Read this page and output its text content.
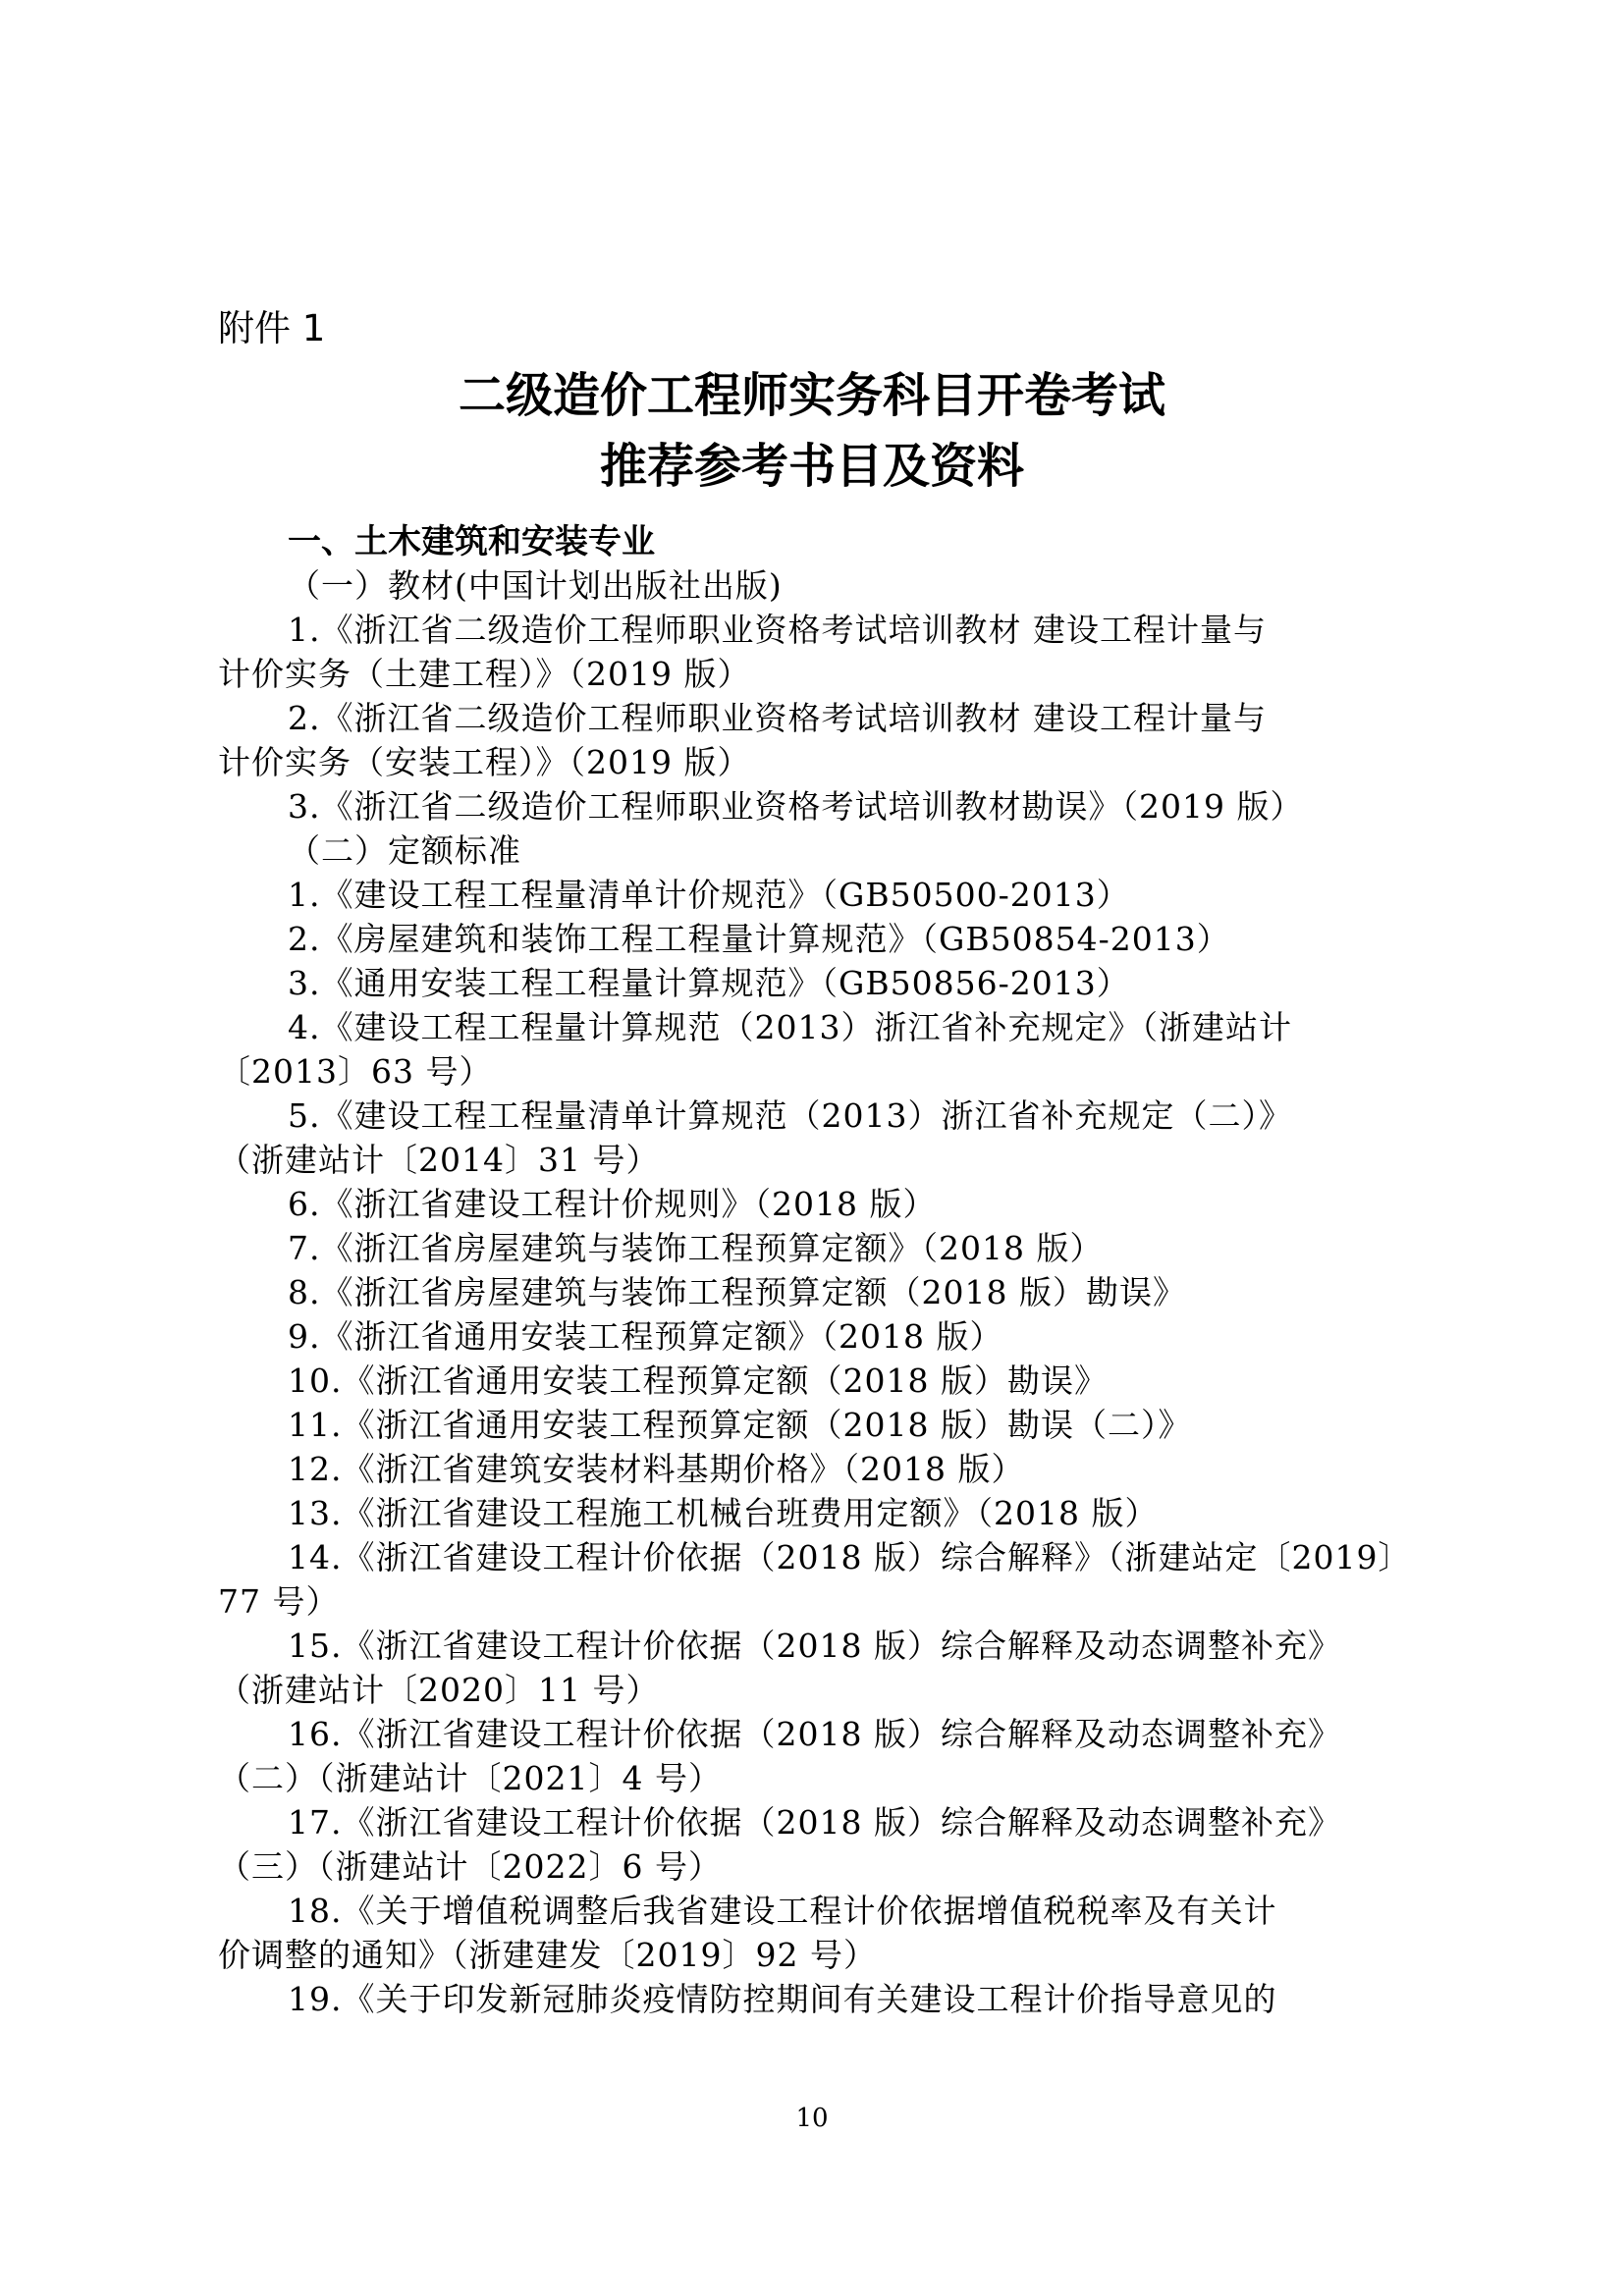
附件 1
二级造价工程师实务科目开卷考试
推荐参考书目及资料
一、土木建筑和安装专业
（一）教材(中国计划出版社出版)
1.《浙江省二级造价工程师职业资格考试培训教材 建设工程计量与
计价实务（土建工程）》（2019 版）
2.《浙江省二级造价工程师职业资格考试培训教材 建设工程计量与
计价实务（安装工程）》（2019 版）
3.《浙江省二级造价工程师职业资格考试培训教材勘误》（2019 版）
（二）定额标准
1.《建设工程工程量清单计价规范》（GB50500-2013）
2.《房屋建筑和装饰工程工程量计算规范》（GB50854-2013）
3.《通用安装工程工程量计算规范》（GB50856-2013）
4.《建设工程工程量计算规范（2013）浙江省补充规定》（浙建站计
〔2013〕63 号）
5.《建设工程工程量清单计算规范（2013）浙江省补充规定（二）》
（浙建站计〔2014〕31 号）
6.《浙江省建设工程计价规则》（2018 版）
7.《浙江省房屋建筑与装饰工程预算定额》（2018 版）
8.《浙江省房屋建筑与装饰工程预算定额（2018 版）勘误》
9.《浙江省通用安装工程预算定额》（2018 版）
10.《浙江省通用安装工程预算定额（2018 版）勘误》
11.《浙江省通用安装工程预算定额（2018 版）勘误（二）》
12.《浙江省建筑安装材料基期价格》（2018 版）
13.《浙江省建设工程施工机械台班费用定额》（2018 版）
14.《浙江省建设工程计价依据（2018 版）综合解释》（浙建站定〔2019〕
77 号）
15.《浙江省建设工程计价依据（2018 版）综合解释及动态调整补充》
（浙建站计〔2020〕11 号）
16.《浙江省建设工程计价依据（2018 版）综合解释及动态调整补充》
（二）（浙建站计〔2021〕4 号）
17.《浙江省建设工程计价依据（2018 版）综合解释及动态调整补充》
（三）（浙建站计〔2022〕6 号）
18.《关于增值税调整后我省建设工程计价依据增值税税率及有关计
价调整的通知》（浙建建发〔2019〕92 号）
19.《关于印发新冠肺炎疫情防控期间有关建设工程计价指导意见的
10
